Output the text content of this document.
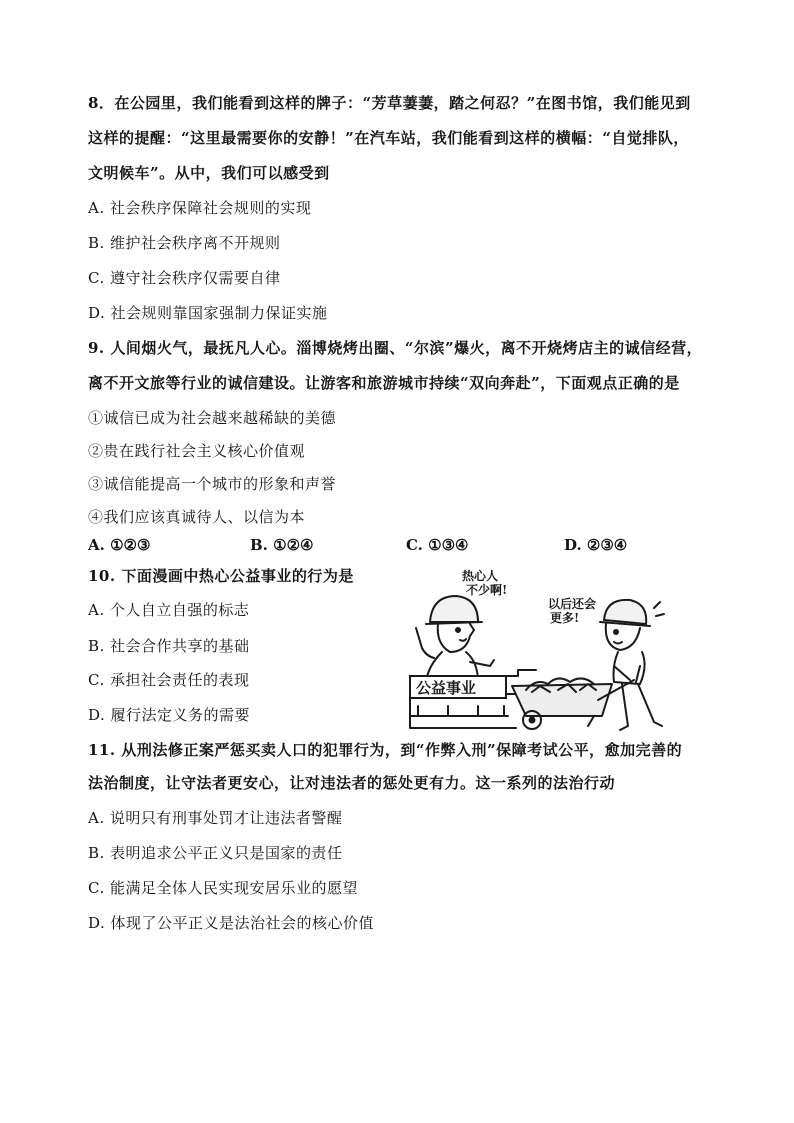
8．在公园里，我们能看到这样的牌子：“芳草萋萋，踏之何忍？”在图书馆，我们能见到
这样的提醒：“这里最需要你的安静！”在汽车站，我们能看到这样的横幅：“自觉排队，
文明候车”。从中，我们可以感受到
A. 社会秩序保障社会规则的实现
B. 维护社会秩序离不开规则
C. 遵守社会秩序仅需要自律
D. 社会规则靠国家强制力保证实施
9. 人间烟火气，最抚凡人心。淄博烧烤出圈、“尔滨”爆火，离不开烧烤店主的诚信经营，
离不开文旅等行业的诚信建设。让游客和旅游城市持续“双向奔赴”，下面观点正确的是
①诚信已成为社会越来越稀缺的美德
②贵在践行社会主义核心价值观
③诚信能提高一个城市的形象和声誉
④我们应该真诚待人、以信为本
A. ①②③	B. ①②④	C. ①③④	D. ②③④
10. 下面漫画中热心公益事业的行为是
A. 个人自立自强的标志
B. 社会合作共享的基础
C. 承担社会责任的表现
D. 履行法定义务的需要
热心人
不少啊!
以后还会
更多!
公益事业
11. 从刑法修正案严惩买卖人口的犯罪行为，到“作弊入刑”保障考试公平，愈加完善的
法治制度，让守法者更安心，让对违法者的惩处更有力。这一系列的法治行动
A. 说明只有刑事处罚才让违法者警醒
B. 表明追求公平正义只是国家的责任
C. 能满足全体人民实现安居乐业的愿望
D. 体现了公平正义是法治社会的核心价值
